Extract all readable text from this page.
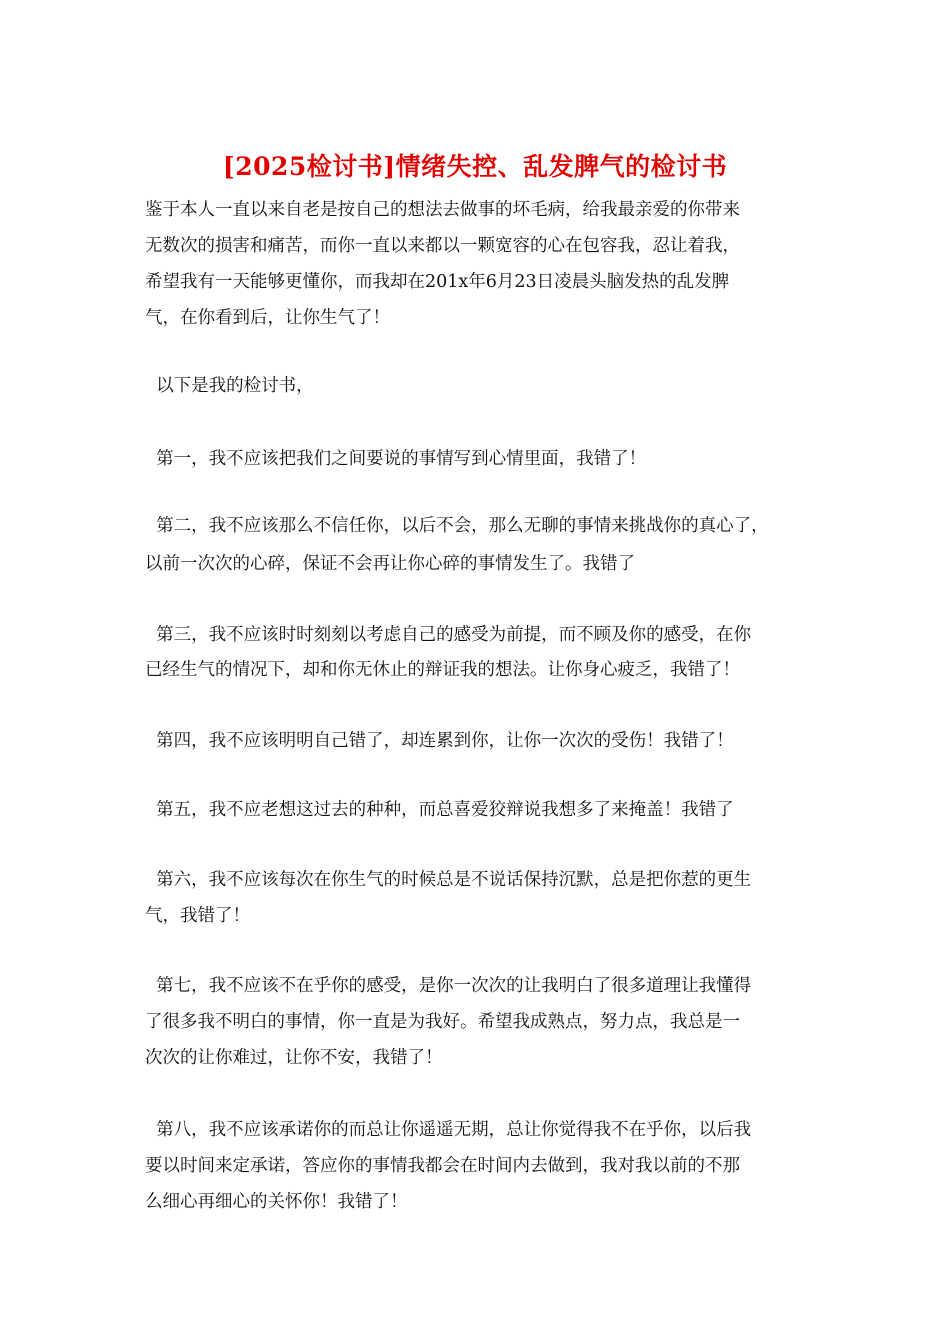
[2025检讨书]情绪失控、乱发脾气的检讨书
鉴于本人一直以来自老是按自己的想法去做事的坏毛病，给我最亲爱的你带来
无数次的损害和痛苦，而你一直以来都以一颗宽容的心在包容我，忍让着我，
希望我有一天能够更懂你，而我却在201x年6月23日凌晨头脑发热的乱发脾
气，在你看到后，让你生气了！
以下是我的检讨书，
第一，我不应该把我们之间要说的事情写到心情里面，我错了！
第二，我不应该那么不信任你，以后不会，那么无聊的事情来挑战你的真心了，
以前一次次的心碎，保证不会再让你心碎的事情发生了。我错了
第三，我不应该时时刻刻以考虑自己的感受为前提，而不顾及你的感受，在你
已经生气的情况下，却和你无休止的辩证我的想法。让你身心疲乏，我错了！
第四，我不应该明明自己错了，却连累到你，让你一次次的受伤！我错了！
第五，我不应老想这过去的种种，而总喜爱狡辩说我想多了来掩盖！我错了
第六，我不应该每次在你生气的时候总是不说话保持沉默，总是把你惹的更生
气，我错了！
第七，我不应该不在乎你的感受，是你一次次的让我明白了很多道理让我懂得
了很多我不明白的事情，你一直是为我好。希望我成熟点，努力点，我总是一
次次的让你难过，让你不安，我错了！
第八，我不应该承诺你的而总让你遥遥无期，总让你觉得我不在乎你，以后我
要以时间来定承诺，答应你的事情我都会在时间内去做到，我对我以前的不那
么细心再细心的关怀你！我错了！
